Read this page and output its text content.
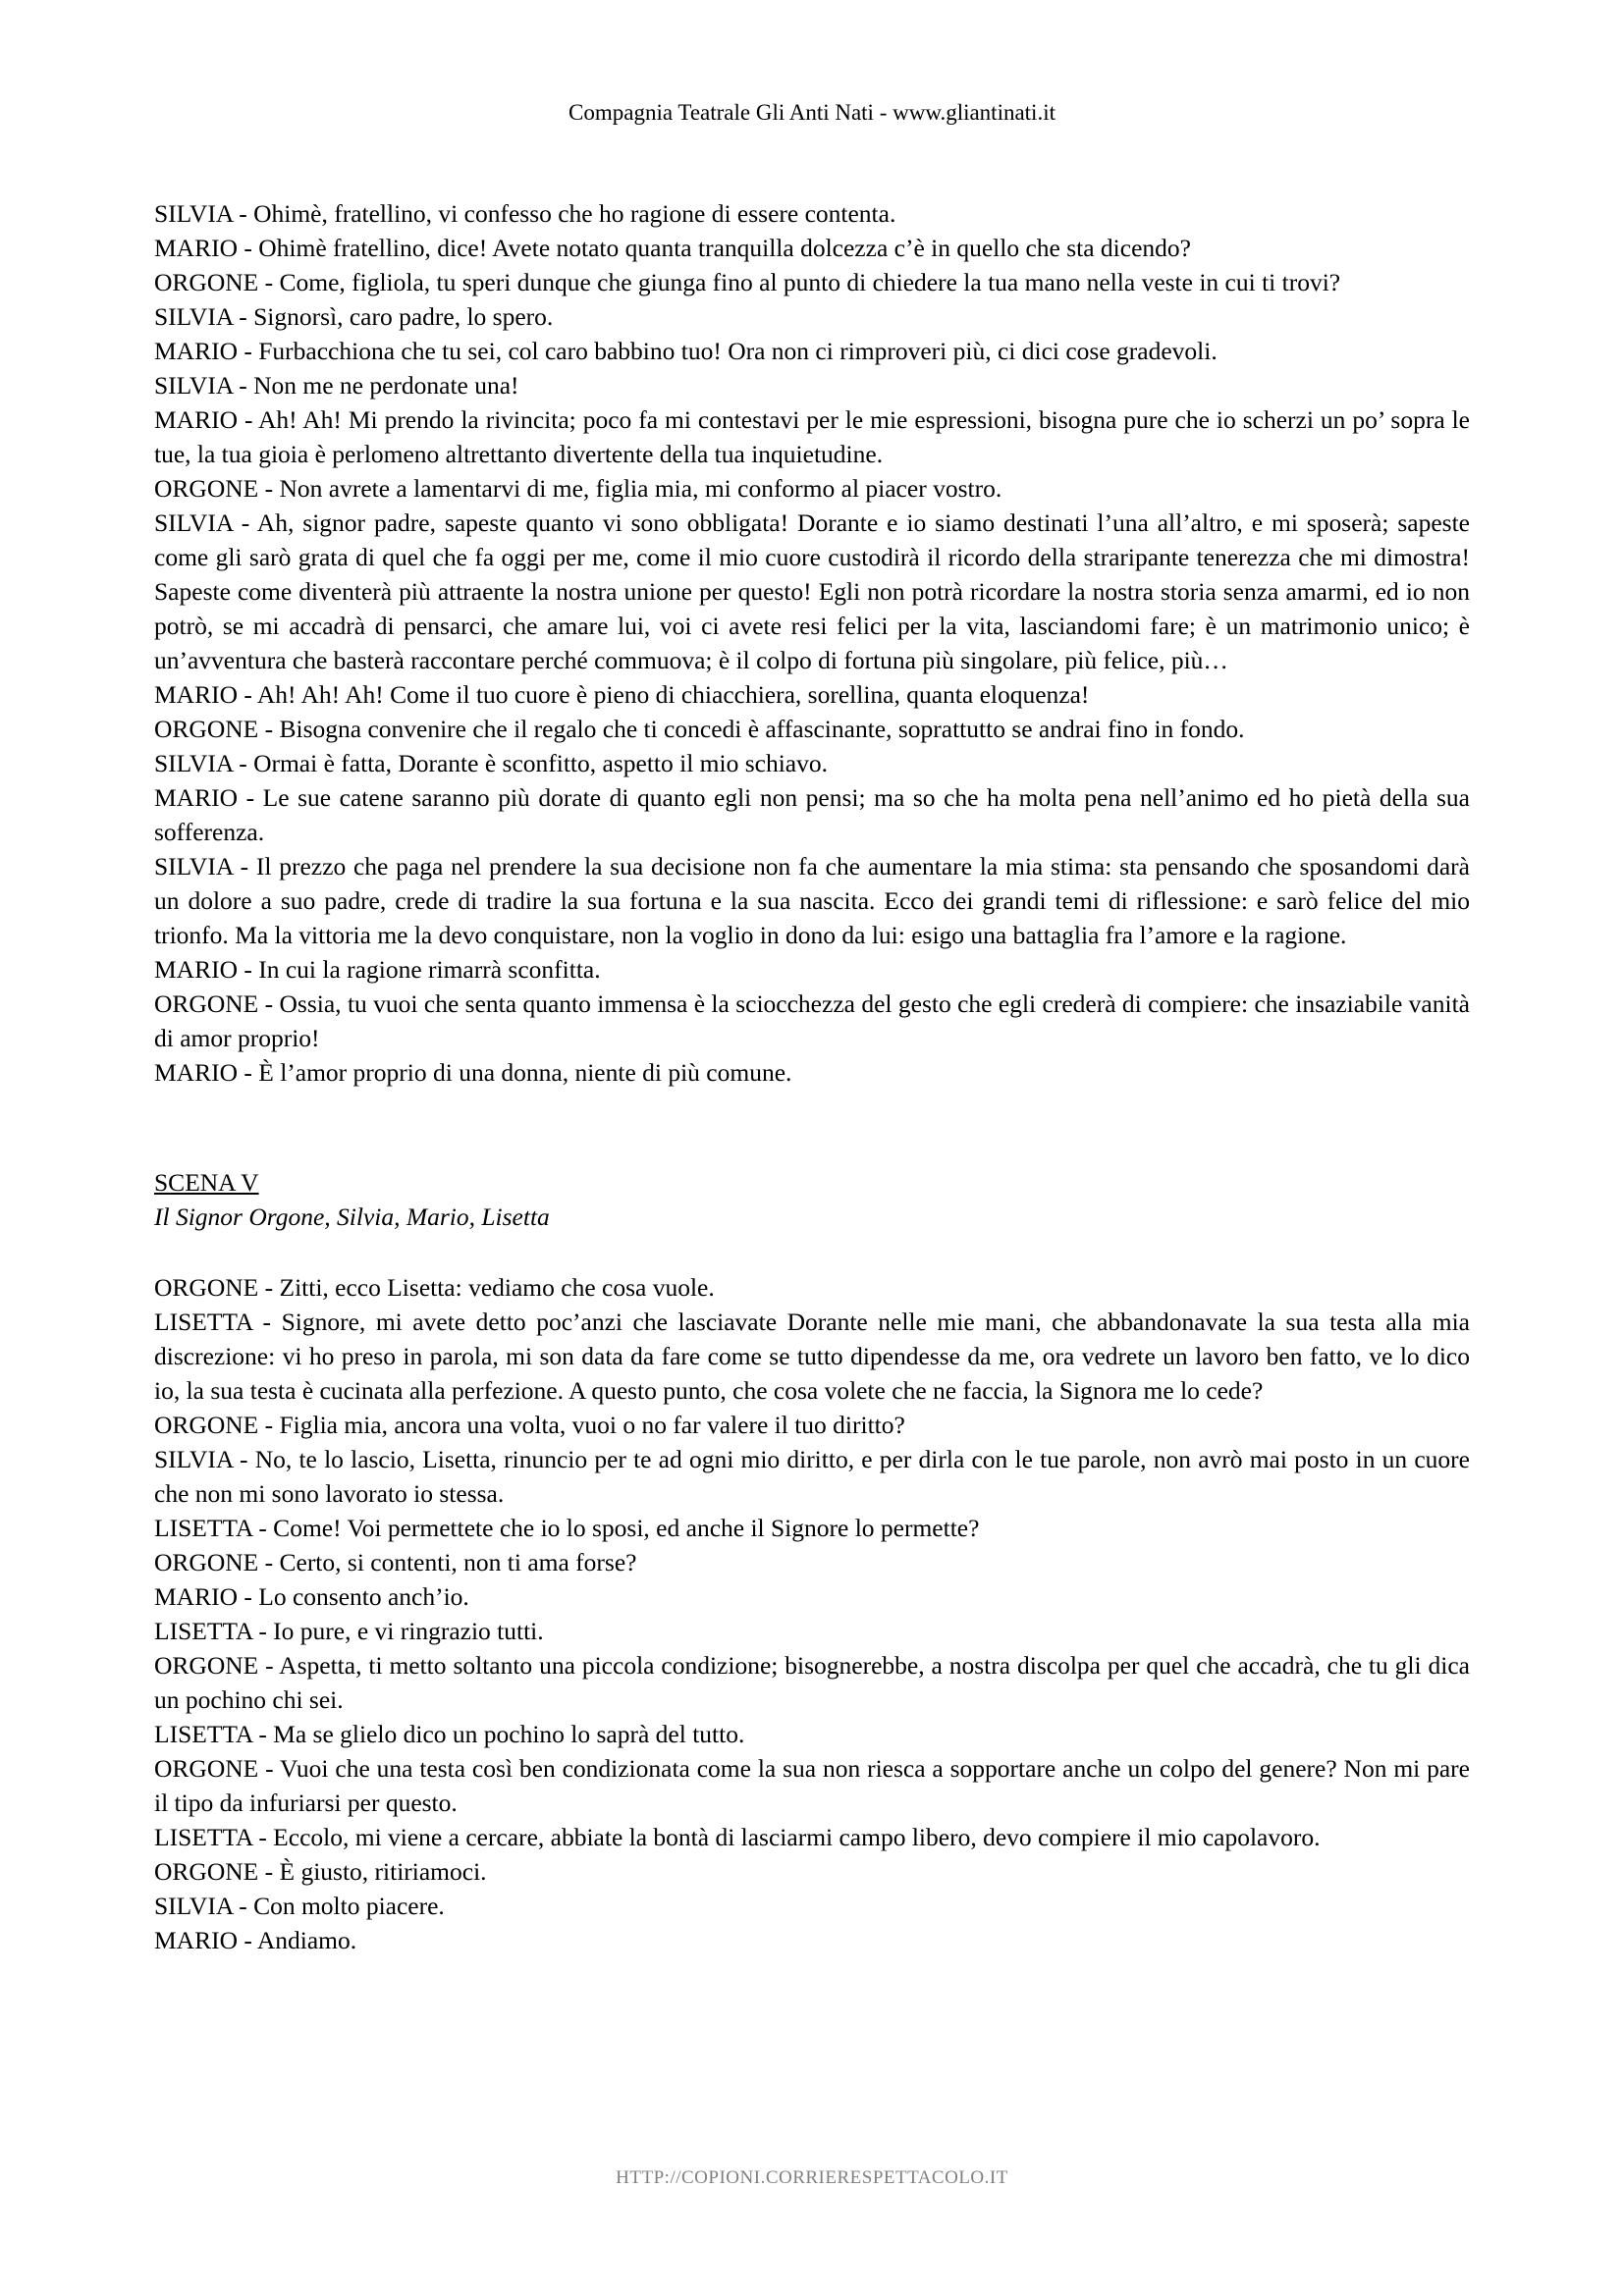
Compagnia Teatrale Gli Anti Nati - www.gliantinati.it

SILVIA - Ohimè, fratellino, vi confesso che ho ragione di essere contenta.

MARIO - Ohimè fratellino, dice! Avete notato quanta tranquilla dolcezza c’è in quello che sta dicendo?

ORGONE - Come, figliola, tu speri dunque che giunga fino al punto di chiedere la tua mano nella veste in cui ti trovi?

SILVIA - Signorsì, caro padre, lo spero.

MARIO - Furbacchiona che tu sei, col caro babbino tuo! Ora non ci rimproveri più, ci dici cose gradevoli.

SILVIA - Non me ne perdonate una!

MARIO - Ah! Ah! Mi prendo la rivincita; poco fa mi contestavi per le mie espressioni, bisogna pure che io scherzi un po’ sopra le tue, la tua gioia è perlomeno altrettanto divertente della tua inquietudine.

ORGONE - Non avrete a lamentarvi di me, figlia mia, mi conformo al piacer vostro.

SILVIA - Ah, signor padre, sapeste quanto vi sono obbligata! Dorante e io siamo destinati l’una all’altro, e mi sposerà; sapeste come gli sarò grata di quel che fa oggi per me, come il mio cuore custodirà il ricordo della straripante tenerezza che mi dimostra! Sapeste come diventerà più attraente la nostra unione per questo! Egli non potrà ricordare la nostra storia senza amarmi, ed io non potrò, se mi accadrà di pensarci, che amare lui, voi ci avete resi felici per la vita, lasciandomi fare; è un matrimonio unico; è un’avventura che basterà raccontare perché commuova; è il colpo di fortuna più singolare, più felice, più…

MARIO - Ah! Ah! Ah! Come il tuo cuore è pieno di chiacchiera, sorellina, quanta eloquenza!

ORGONE - Bisogna convenire che il regalo che ti concedi è affascinante, soprattutto se andrai fino in fondo.

SILVIA - Ormai è fatta, Dorante è sconfitto, aspetto il mio schiavo.

MARIO - Le sue catene saranno più dorate di quanto egli non pensi; ma so che ha molta pena nell’animo ed ho pietà della sua sofferenza.

SILVIA - Il prezzo che paga nel prendere la sua decisione non fa che aumentare la mia stima: sta pensando che sposandomi darà un dolore a suo padre, crede di tradire la sua fortuna e la sua nascita. Ecco dei grandi temi di riflessione: e sarò felice del mio trionfo. Ma la vittoria me la devo conquistare, non la voglio in dono da lui: esigo una battaglia fra l’amore e la ragione.

MARIO - In cui la ragione rimarrà sconfitta.

ORGONE - Ossia, tu vuoi che senta quanto immensa è la sciocchezza del gesto che egli crederà di compiere: che insaziabile vanità di amor proprio!

MARIO - È l’amor proprio di una donna, niente di più comune.

SCENA V

Il Signor Orgone, Silvia, Mario, Lisetta

ORGONE - Zitti, ecco Lisetta: vediamo che cosa vuole.

LISETTA - Signore, mi avete detto poc’anzi che lasciavate Dorante nelle mie mani, che abbandonavate la sua testa alla mia discrezione: vi ho preso in parola, mi son data da fare come se tutto dipendesse da me, ora vedrete un lavoro ben fatto, ve lo dico io, la sua testa è cucinata alla perfezione. A questo punto, che cosa volete che ne faccia, la Signora me lo cede?

ORGONE - Figlia mia, ancora una volta, vuoi o no far valere il tuo diritto?

SILVIA - No, te lo lascio, Lisetta, rinuncio per te ad ogni mio diritto, e per dirla con le tue parole, non avrò mai posto in un cuore che non mi sono lavorato io stessa.

LISETTA - Come! Voi permettete che io lo sposi, ed anche il Signore lo permette?

ORGONE - Certo, si contenti, non ti ama forse?

MARIO - Lo consento anch’io.

LISETTA - Io pure, e vi ringrazio tutti.

ORGONE - Aspetta, ti metto soltanto una piccola condizione; bisognerebbe, a nostra discolpa per quel che accadrà, che tu gli dica un pochino chi sei.

LISETTA - Ma se glielo dico un pochino lo saprà del tutto.

ORGONE - Vuoi che una testa così ben condizionata come la sua non riesca a sopportare anche un colpo del genere? Non mi pare il tipo da infuriarsi per questo.

LISETTA - Eccolo, mi viene a cercare, abbiate la bontà di lasciarmi campo libero, devo compiere il mio capolavoro.

ORGONE - È giusto, ritiriamoci.

SILVIA - Con molto piacere.

MARIO - Andiamo.

HTTP://COPIONI.CORRIERESPETTACOLO.IT
